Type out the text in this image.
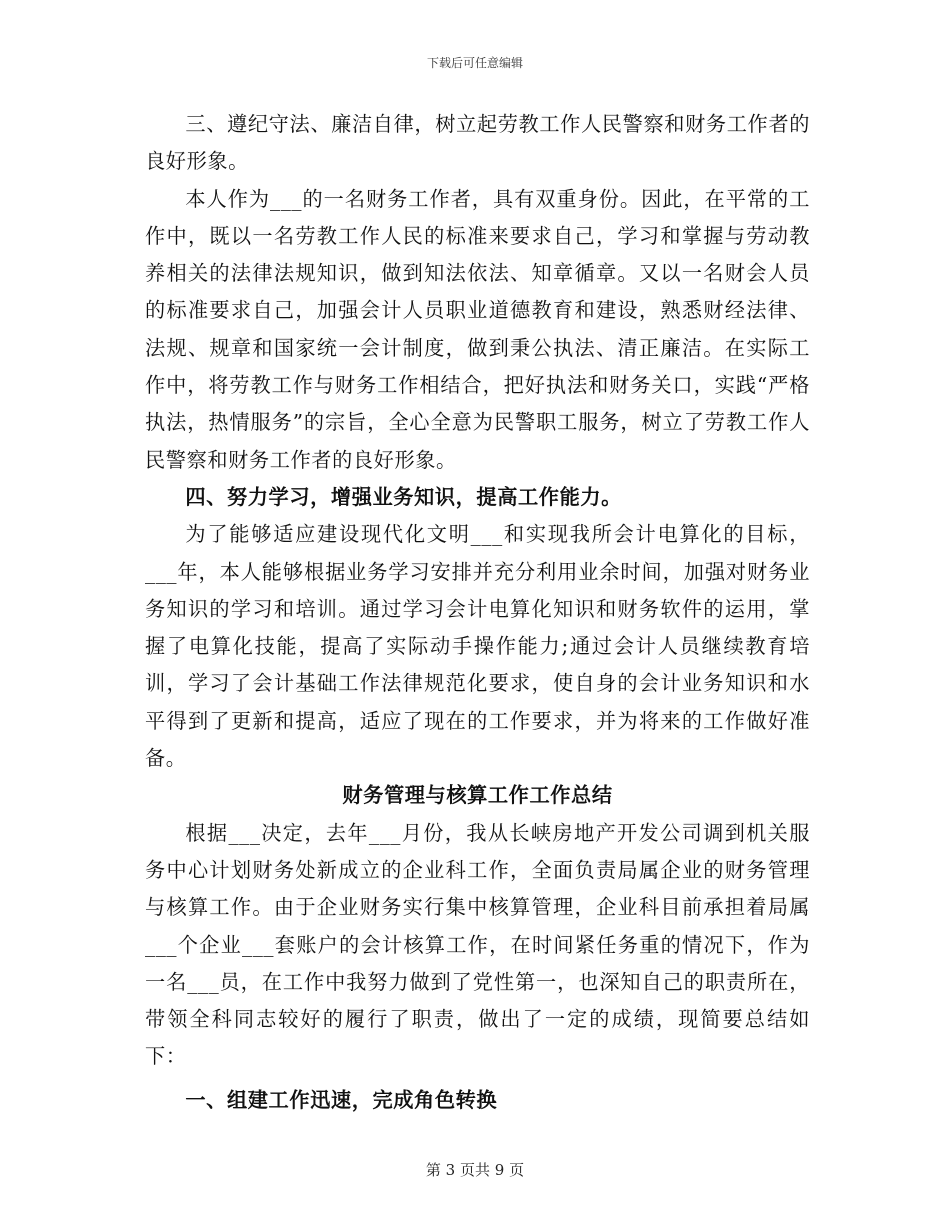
下载后可任意编辑

三、遵纪守法、廉洁自律，树立起劳教工作人民警察和财务工作者的良好形象。

本人作为___的一名财务工作者，具有双重身份。因此，在平常的工作中，既以一名劳教工作人民的标准来要求自己，学习和掌握与劳动教养相关的法律法规知识，做到知法依法、知章循章。又以一名财会人员的标准要求自己，加强会计人员职业道德教育和建设，熟悉财经法律、法规、规章和国家统一会计制度，做到秉公执法、清正廉洁。在实际工作中，将劳教工作与财务工作相结合，把好执法和财务关口，实践“严格执法，热情服务”的宗旨，全心全意为民警职工服务，树立了劳教工作人民警察和财务工作者的良好形象。

四、努力学习，增强业务知识，提高工作能力。

为了能够适应建设现代化文明___和实现我所会计电算化的目标，___年，本人能够根据业务学习安排并充分利用业余时间，加强对财务业务知识的学习和培训。通过学习会计电算化知识和财务软件的运用，掌握了电算化技能，提高了实际动手操作能力;通过会计人员继续教育培训，学习了会计基础工作法律规范化要求，使自身的会计业务知识和水平得到了更新和提高，适应了现在的工作要求，并为将来的工作做好准备。

财务管理与核算工作工作总结

根据___决定，去年___月份，我从长峡房地产开发公司调到机关服务中心计划财务处新成立的企业科工作，全面负责局属企业的财务管理与核算工作。由于企业财务实行集中核算管理，企业科目前承担着局属___个企业___套账户的会计核算工作，在时间紧任务重的情况下，作为一名___员，在工作中我努力做到了党性第一，也深知自己的职责所在，带领全科同志较好的履行了职责，做出了一定的成绩，现简要总结如下：

一、组建工作迅速，完成角色转换

第 3 页共 9 页
